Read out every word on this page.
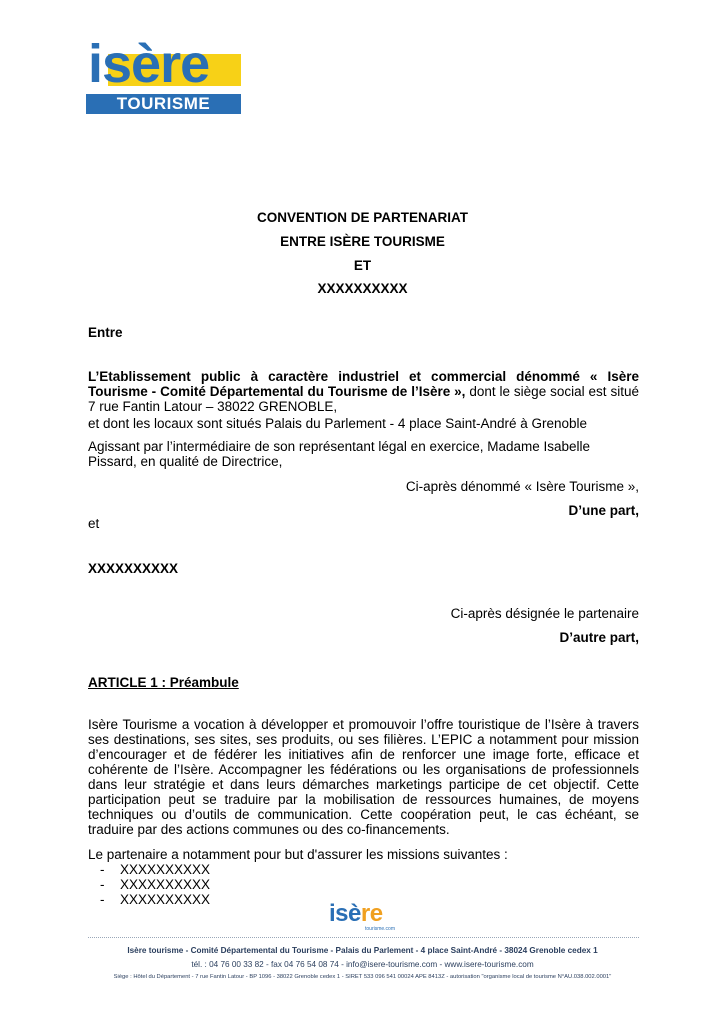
isère
TOURISME
CONVENTION DE PARTENARIAT
ENTRE ISÈRE TOURISME
ET
XXXXXXXXXX
Entre
L’Etablissement public à caractère industriel et commercial dénommé « Isère Tourisme - Comité Départemental du Tourisme de l’Isère », dont le siège social est situé 7 rue Fantin Latour – 38022 GRENOBLE,
et dont les locaux sont situés Palais du Parlement - 4 place Saint-André à Grenoble
Agissant par l’intermédiaire de son représentant légal en exercice, Madame Isabelle Pissard, en qualité de Directrice,
Ci-après dénommé « Isère Tourisme »,
D’une part,
et
XXXXXXXXXX
Ci-après désignée le partenaire
D’autre part,
ARTICLE 1 : Préambule
Isère Tourisme a vocation à développer et promouvoir l’offre touristique de l’Isère à travers ses destinations, ses sites, ses produits, ou ses filières. L’EPIC a notamment pour mission d’encourager et de fédérer les initiatives afin de renforcer une image forte, efficace et cohérente de l’Isère. Accompagner les fédérations ou les organisations de professionnels dans leur stratégie et dans leurs démarches marketings participe de cet objectif. Cette participation peut se traduire par la mobilisation de ressources humaines, de moyens techniques ou d’outils de communication. Cette coopération peut, le cas échéant, se traduire par des actions communes ou des co-financements.
Le partenaire a notamment pour but d'assurer les missions suivantes :
-	XXXXXXXXXX
-	XXXXXXXXXX
-	XXXXXXXXXX
isère
tourisme.com
Isère tourisme - Comité Départemental du Tourisme - Palais du Parlement - 4 place Saint-André - 38024 Grenoble cedex 1
tél. : 04 76 00 33 82 - fax 04 76 54 08 74 - info@isere-tourisme.com - www.isere-tourisme.com
Siège : Hôtel du Département - 7 rue Fantin Latour - BP 1096 - 38022 Grenoble cedex 1 - SIRET 533 096 541 00024 APE 8413Z - autorisation "organisme local de tourisme N°AU.038.002.0001"
